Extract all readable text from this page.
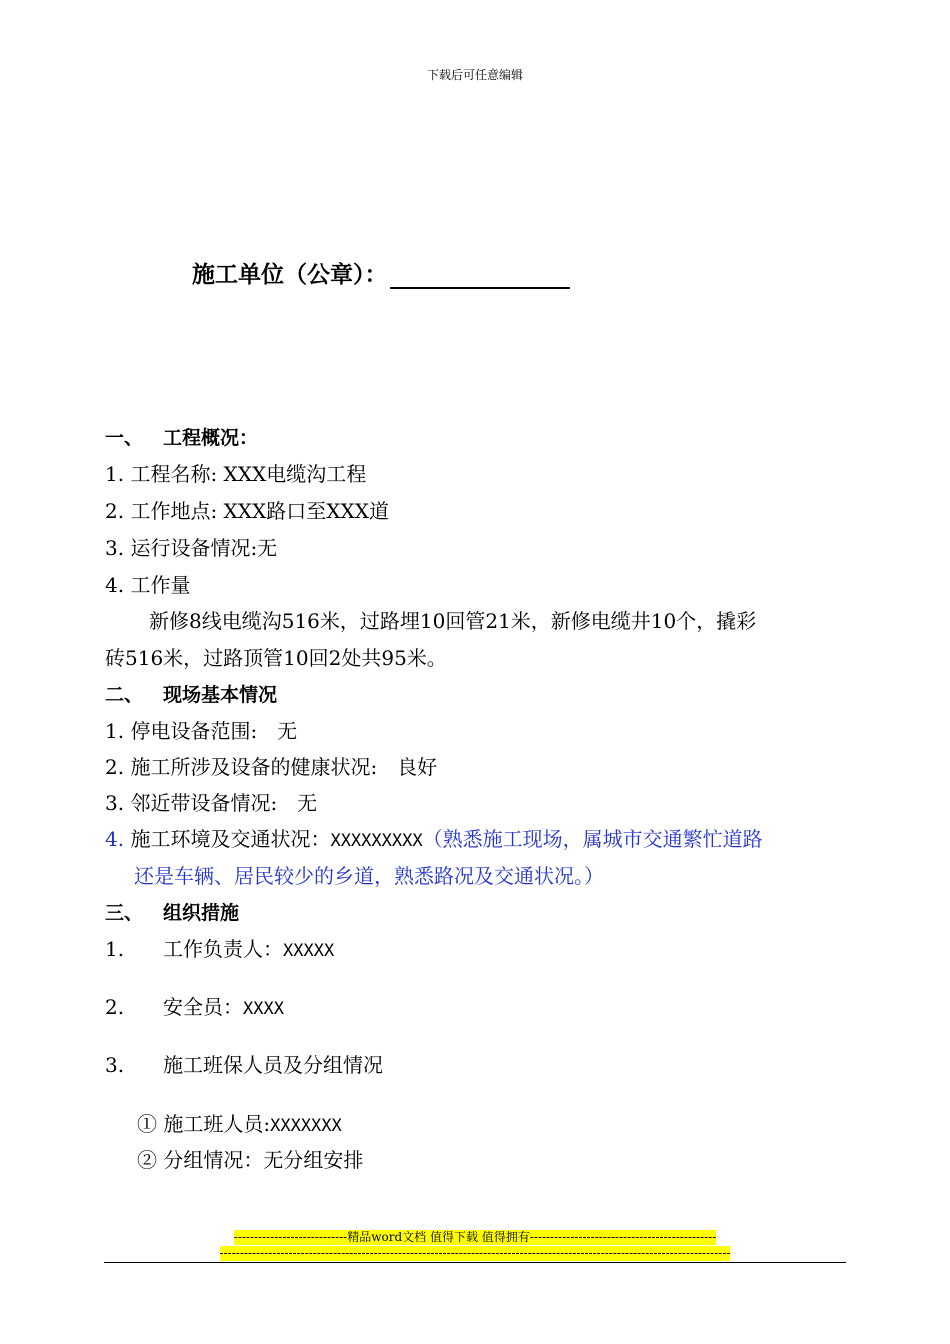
下载后可任意编辑
施工单位（公章）：
一、 工程概况：
1. 工程名称: XXX电缆沟工程
2. 工作地点: XXX路口至XXX道
3. 运行设备情况:无
4. 工作量
新修8线电缆沟516米，过路埋10回管21米，新修电缆井10个，撬彩
砖516米，过路顶管10回2处共95米。
二、 现场基本情况
1. 停电设备范围:　无
2. 施工所涉及设备的健康状况:　良好
3. 邻近带设备情况:　无
4. 施工环境及交通状况：XXXXXXXXX（熟悉施工现场，属城市交通繁忙道路
还是车辆、居民较少的乡道，熟悉路况及交通状况。）
三、 组织措施
1. 工作负责人：XXXXX
2. 安全员：XXXX
3. 施工班保人员及分组情况
① 施工班人员:XXXXXXX
② 分组情况：无分组安排
----------------------------精品word文档 值得下载 值得拥有----------------------------------------------
------------------------------------------------------------------------------------------------------------------------------
